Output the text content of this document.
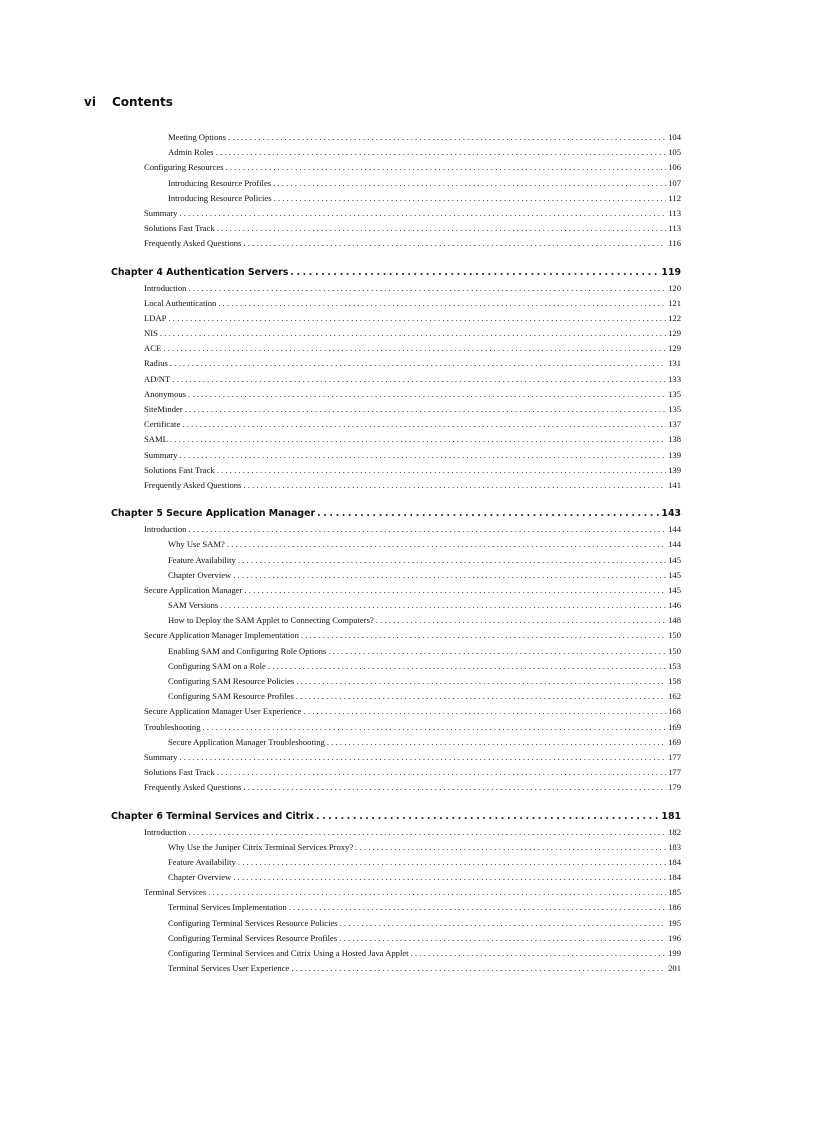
vi	Contents
Meeting Options .....	104
Admin Roles .....	105
Configuring Resources .....	106
Introducing Resource Profiles .....	107
Introducing Resource Policies .....	112
Summary .....	113
Solutions Fast Track .....	113
Frequently Asked Questions .....	116
Chapter 4 Authentication Servers .....	119
Introduction .....	120
Local Authentication .....	121
LDAP .....	122
NIS .....	129
ACE .....	129
Radius .....	131
AD/NT .....	133
Anonymous .....	135
SiteMinder .....	135
Certificate .....	137
SAML .....	138
Summary .....	139
Solutions Fast Track .....	139
Frequently Asked Questions .....	141
Chapter 5 Secure Application Manager .....	143
Introduction .....	144
Why Use SAM? .....	144
Feature Availability .....	145
Chapter Overview .....	145
Secure Application Manager .....	145
SAM Versions .....	146
How to Deploy the SAM Applet to Connecting Computers? .....	148
Secure Application Manager Implementation .....	150
Enabling SAM and Configuring Role Options .....	150
Configuring SAM on a Role .....	153
Configuring SAM Resource Policies .....	158
Configuring SAM Resource Profiles .....	162
Secure Application Manager User Experience .....	168
Troubleshooting .....	169
Secure Application Manager Troubleshooting .....	169
Summary .....	177
Solutions Fast Track .....	177
Frequently Asked Questions .....	179
Chapter 6 Terminal Services and Citrix .....	181
Introduction .....	182
Why Use the Juniper Citrix Terminal Services Proxy? .....	183
Feature Availability .....	184
Chapter Overview .....	184
Terminal Services .....	185
Terminal Services Implementation .....	186
Configuring Terminal Services Resource Policies .....	195
Configuring Terminal Services Resource Profiles .....	196
Configuring Terminal Services and Citrix Using a Hosted Java Applet .....	199
Terminal Services User Experience .....	201
